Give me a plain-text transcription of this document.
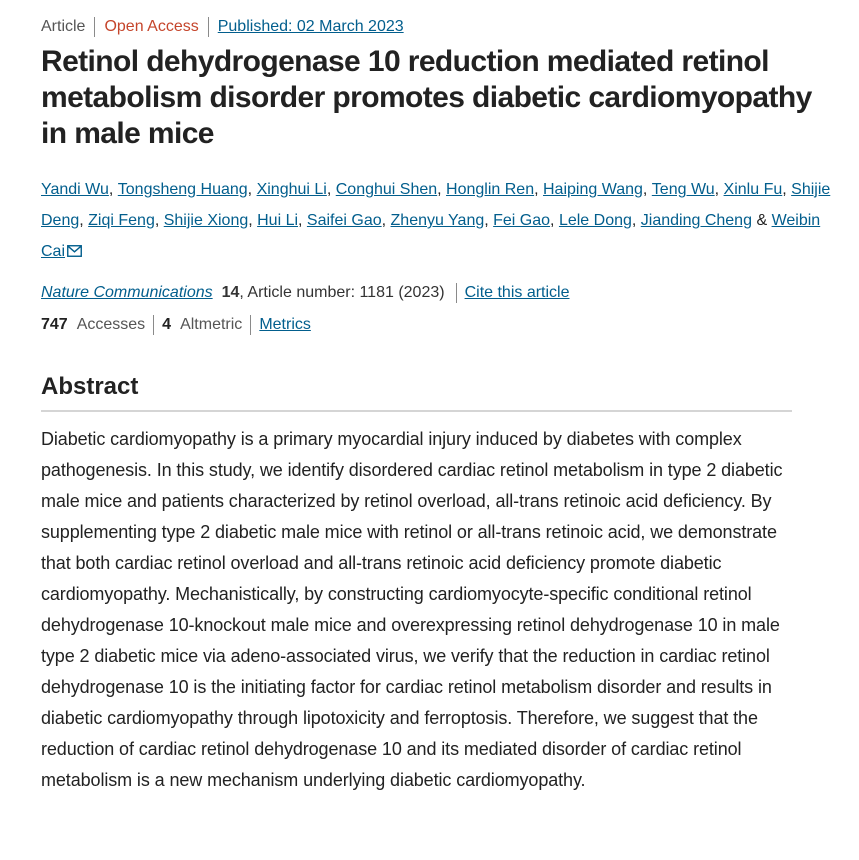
Article Open Access Published: 02 March 2023
Retinol dehydrogenase 10 reduction mediated retinol metabolism disorder promotes diabetic cardiomyopathy in male mice
Yandi Wu, Tongsheng Huang, Xinghui Li, Conghui Shen, Honglin Ren, Haiping Wang, Teng Wu, Xinlu Fu, Shijie Deng, Ziqi Feng, Shijie Xiong, Hui Li, Saifei Gao, Zhenyu Yang, Fei Gao, Lele Dong, Jianding Cheng & Weibin Cai
Nature Communications 14 , Article number: 1181 (2023) Cite this article
747 Accesses 4 Altmetric Metrics
Abstract

Diabetic cardiomyopathy is a primary myocardial injury induced by diabetes with complex pathogenesis. In this study, we identify disordered cardiac retinol metabolism in type 2 diabetic male mice and patients characterized by retinol overload, all-trans retinoic acid deficiency. By supplementing type 2 diabetic male mice with retinol or all-trans retinoic acid, we demonstrate that both cardiac retinol overload and all-trans retinoic acid deficiency promote diabetic cardiomyopathy. Mechanistically, by constructing cardiomyocyte-specific conditional retinol dehydrogenase 10-knockout male mice and overexpressing retinol dehydrogenase 10 in male type 2 diabetic mice via adeno-associated virus, we verify that the reduction in cardiac retinol dehydrogenase 10 is the initiating factor for cardiac retinol metabolism disorder and results in diabetic cardiomyopathy through lipotoxicity and ferroptosis. Therefore, we suggest that the reduction of cardiac retinol dehydrogenase 10 and its mediated disorder of cardiac retinol metabolism is a new mechanism underlying diabetic cardiomyopathy.
